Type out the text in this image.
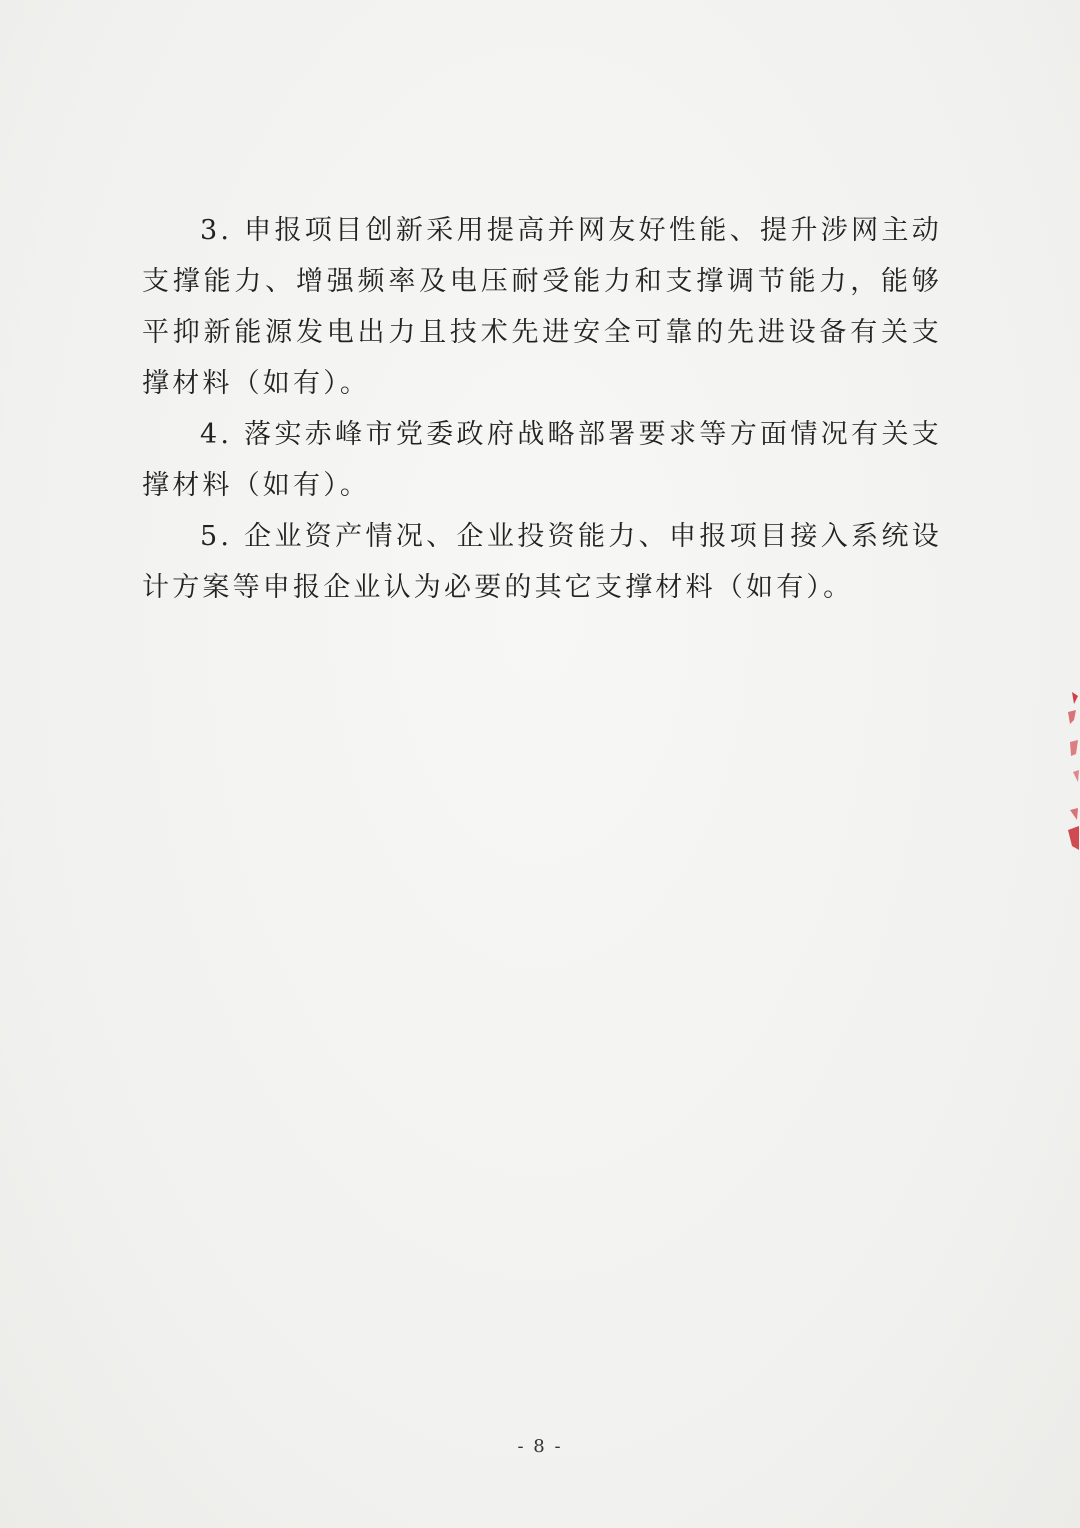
3. 申报项目创新采用提高并网友好性能、提升涉网主动支撑能力、增强频率及电压耐受能力和支撑调节能力，能够平抑新能源发电出力且技术先进安全可靠的先进设备有关支撑材料（如有）。

4. 落实赤峰市党委政府战略部署要求等方面情况有关支撑材料（如有）。

5. 企业资产情况、企业投资能力、申报项目接入系统设计方案等申报企业认为必要的其它支撑材料（如有）。

- 8 -
